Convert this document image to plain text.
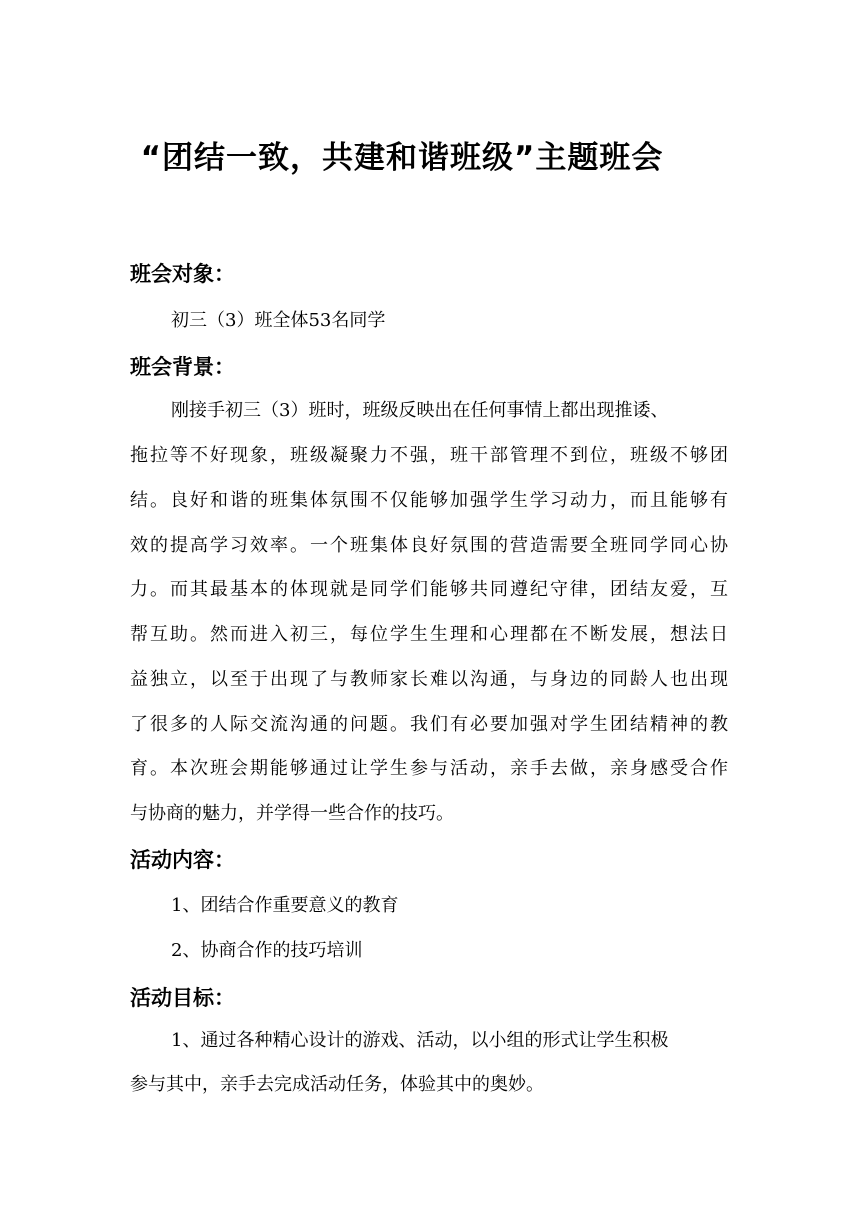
“团结一致，共建和谐班级”主题班会
班会对象：
初三（3）班全体53名同学
班会背景：
刚接手初三（3）班时，班级反映出在任何事情上都出现推诿、
拖拉等不好现象，班级凝聚力不强，班干部管理不到位，班级不够团
结。良好和谐的班集体氛围不仅能够加强学生学习动力，而且能够有
效的提高学习效率。一个班集体良好氛围的营造需要全班同学同心协
力。而其最基本的体现就是同学们能够共同遵纪守律，团结友爱，互
帮互助。然而进入初三，每位学生生理和心理都在不断发展，想法日
益独立，以至于出现了与教师家长难以沟通，与身边的同龄人也出现
了很多的人际交流沟通的问题。我们有必要加强对学生团结精神的教
育。本次班会期能够通过让学生参与活动，亲手去做，亲身感受合作
与协商的魅力，并学得一些合作的技巧。
活动内容：
1、团结合作重要意义的教育
2、协商合作的技巧培训
活动目标：
1、通过各种精心设计的游戏、活动，以小组的形式让学生积极
参与其中，亲手去完成活动任务，体验其中的奥妙。
